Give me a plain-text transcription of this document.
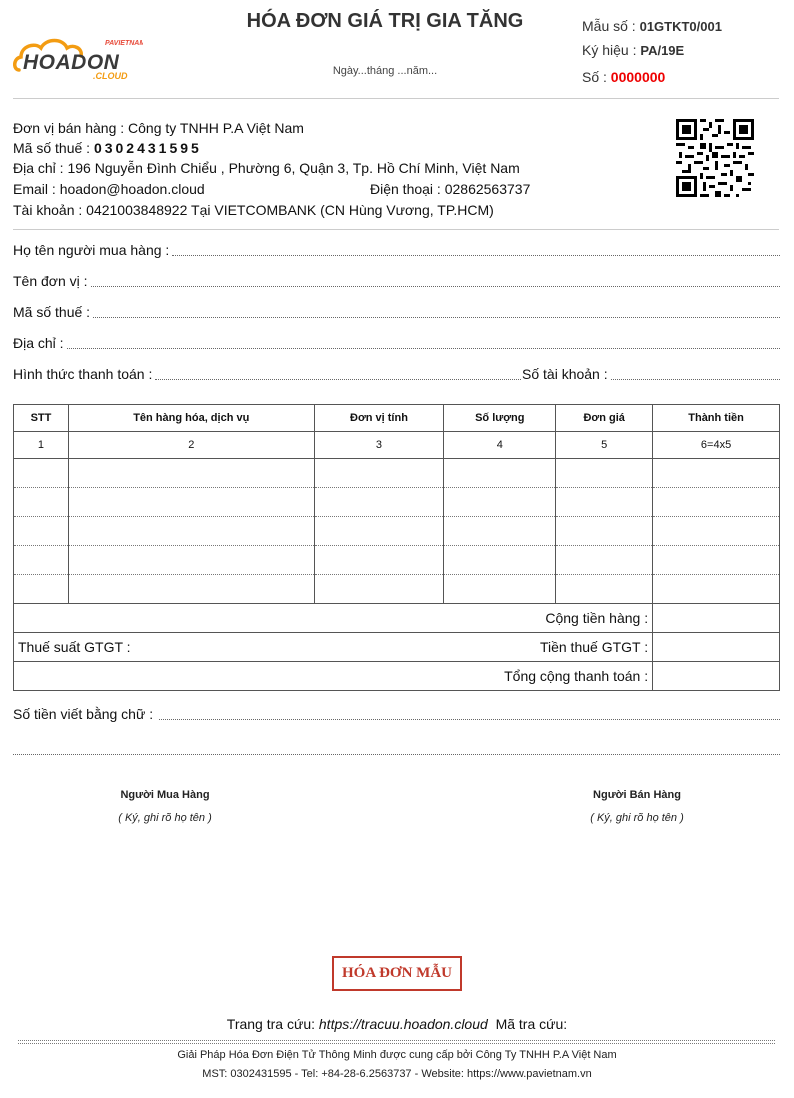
PAVIETNAM
HOADON
.CLOUD
HÓA ĐƠN GIÁ TRỊ GIA TĂNG
Ngày...tháng ...năm...
Mẫu số : 01GTKT0/001
Ký hiệu : PA/19E
Số : 0000000
Đơn vị bán hàng : Công ty TNHH P.A Việt Nam
Mã số thuế : 0302431595
Địa chỉ : 196 Nguyễn Đình Chiểu , Phường 6, Quận 3, Tp. Hồ Chí Minh, Việt Nam
Email : hoadon@hoadon.cloud	Điện thoại : 02862563737
Tài khoản : 0421003848922 Tại VIETCOMBANK (CN Hùng Vương, TP.HCM)
Họ tên người mua hàng :
Tên đơn vị :
Mã số thuế :
Địa chỉ :
Hình thức thanh toán :	Số tài khoản :
STT	Tên hàng hóa, dịch vụ	Đơn vị tính	Số lượng	Đơn giá	Thành tiền
1	2	3	4	5	6=4x5

Cộng tiền hàng :					
Thuế suất GTGT :			Tiền thuế GTGT :		
Tổng cộng thanh toán :					
Số tiền viết bằng chữ :
Người Mua Hàng
( Ký, ghi rõ họ tên )
Người Bán Hàng
( Ký, ghi rõ họ tên )
HÓA ĐƠN MẪU
Trang tra cứu: https://tracuu.hoadon.cloud Mã tra cứu:
Giải Pháp Hóa Đơn Điện Tử Thông Minh được cung cấp bởi Công Ty TNHH P.A Việt Nam
MST: 0302431595 - Tel: +84-28-6.2563737 - Website: https://www.pavietnam.vn
